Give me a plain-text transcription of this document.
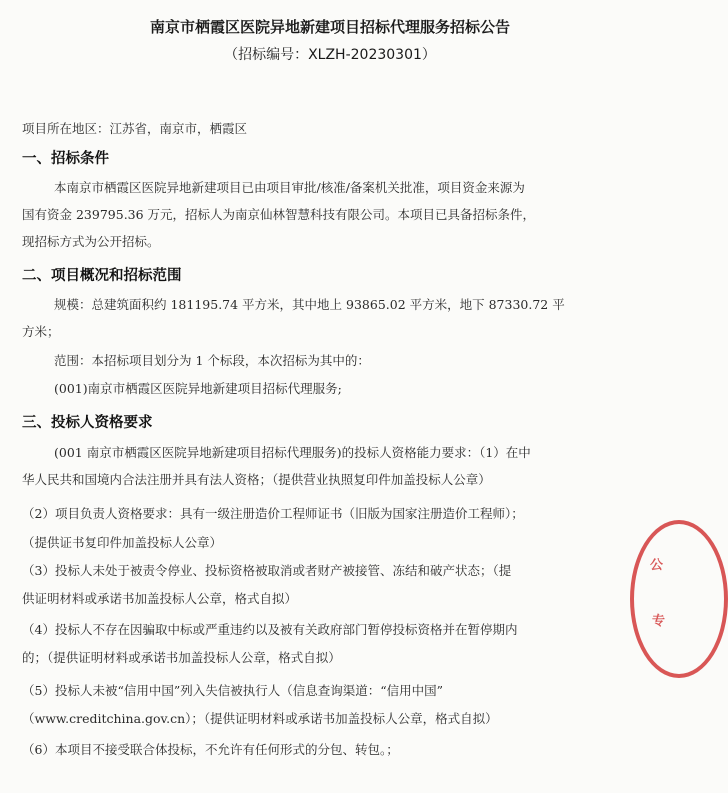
南京市栖霞区医院异地新建项目招标代理服务招标公告
（招标编号：XLZH-20230301）
项目所在地区：江苏省，南京市，栖霞区
一、招标条件
本南京市栖霞区医院异地新建项目已由项目审批/核准/备案机关批准，项目资金来源为
国有资金 239795.36 万元，招标人为南京仙林智慧科技有限公司。本项目已具备招标条件，
现招标方式为公开招标。
二、项目概况和招标范围
规模：总建筑面积约 181195.74 平方米，其中地上 93865.02 平方米，地下 87330.72 平
方米；
范围：本招标项目划分为 1 个标段，本次招标为其中的：
(001)南京市栖霞区医院异地新建项目招标代理服务;
三、投标人资格要求
(001 南京市栖霞区医院异地新建项目招标代理服务)的投标人资格能力要求：（1）在中
华人民共和国境内合法注册并具有法人资格；（提供营业执照复印件加盖投标人公章）
（2）项目负责人资格要求：具有一级注册造价工程师证书（旧版为国家注册造价工程师）；
（提供证书复印件加盖投标人公章）
（3）投标人未处于被责令停业、投标资格被取消或者财产被接管、冻结和破产状态；（提
供证明材料或承诺书加盖投标人公章，格式自拟）
（4）投标人不存在因骗取中标或严重违约以及被有关政府部门暂停投标资格并在暂停期内
的；（提供证明材料或承诺书加盖投标人公章，格式自拟）
（5）投标人未被“信用中国”列入失信被执行人（信息查询渠道：“信用中国”
（www.creditchina.gov.cn）；（提供证明材料或承诺书加盖投标人公章，格式自拟）
（6）本项目不接受联合体投标，不允许有任何形式的分包、转包。；
公
专
